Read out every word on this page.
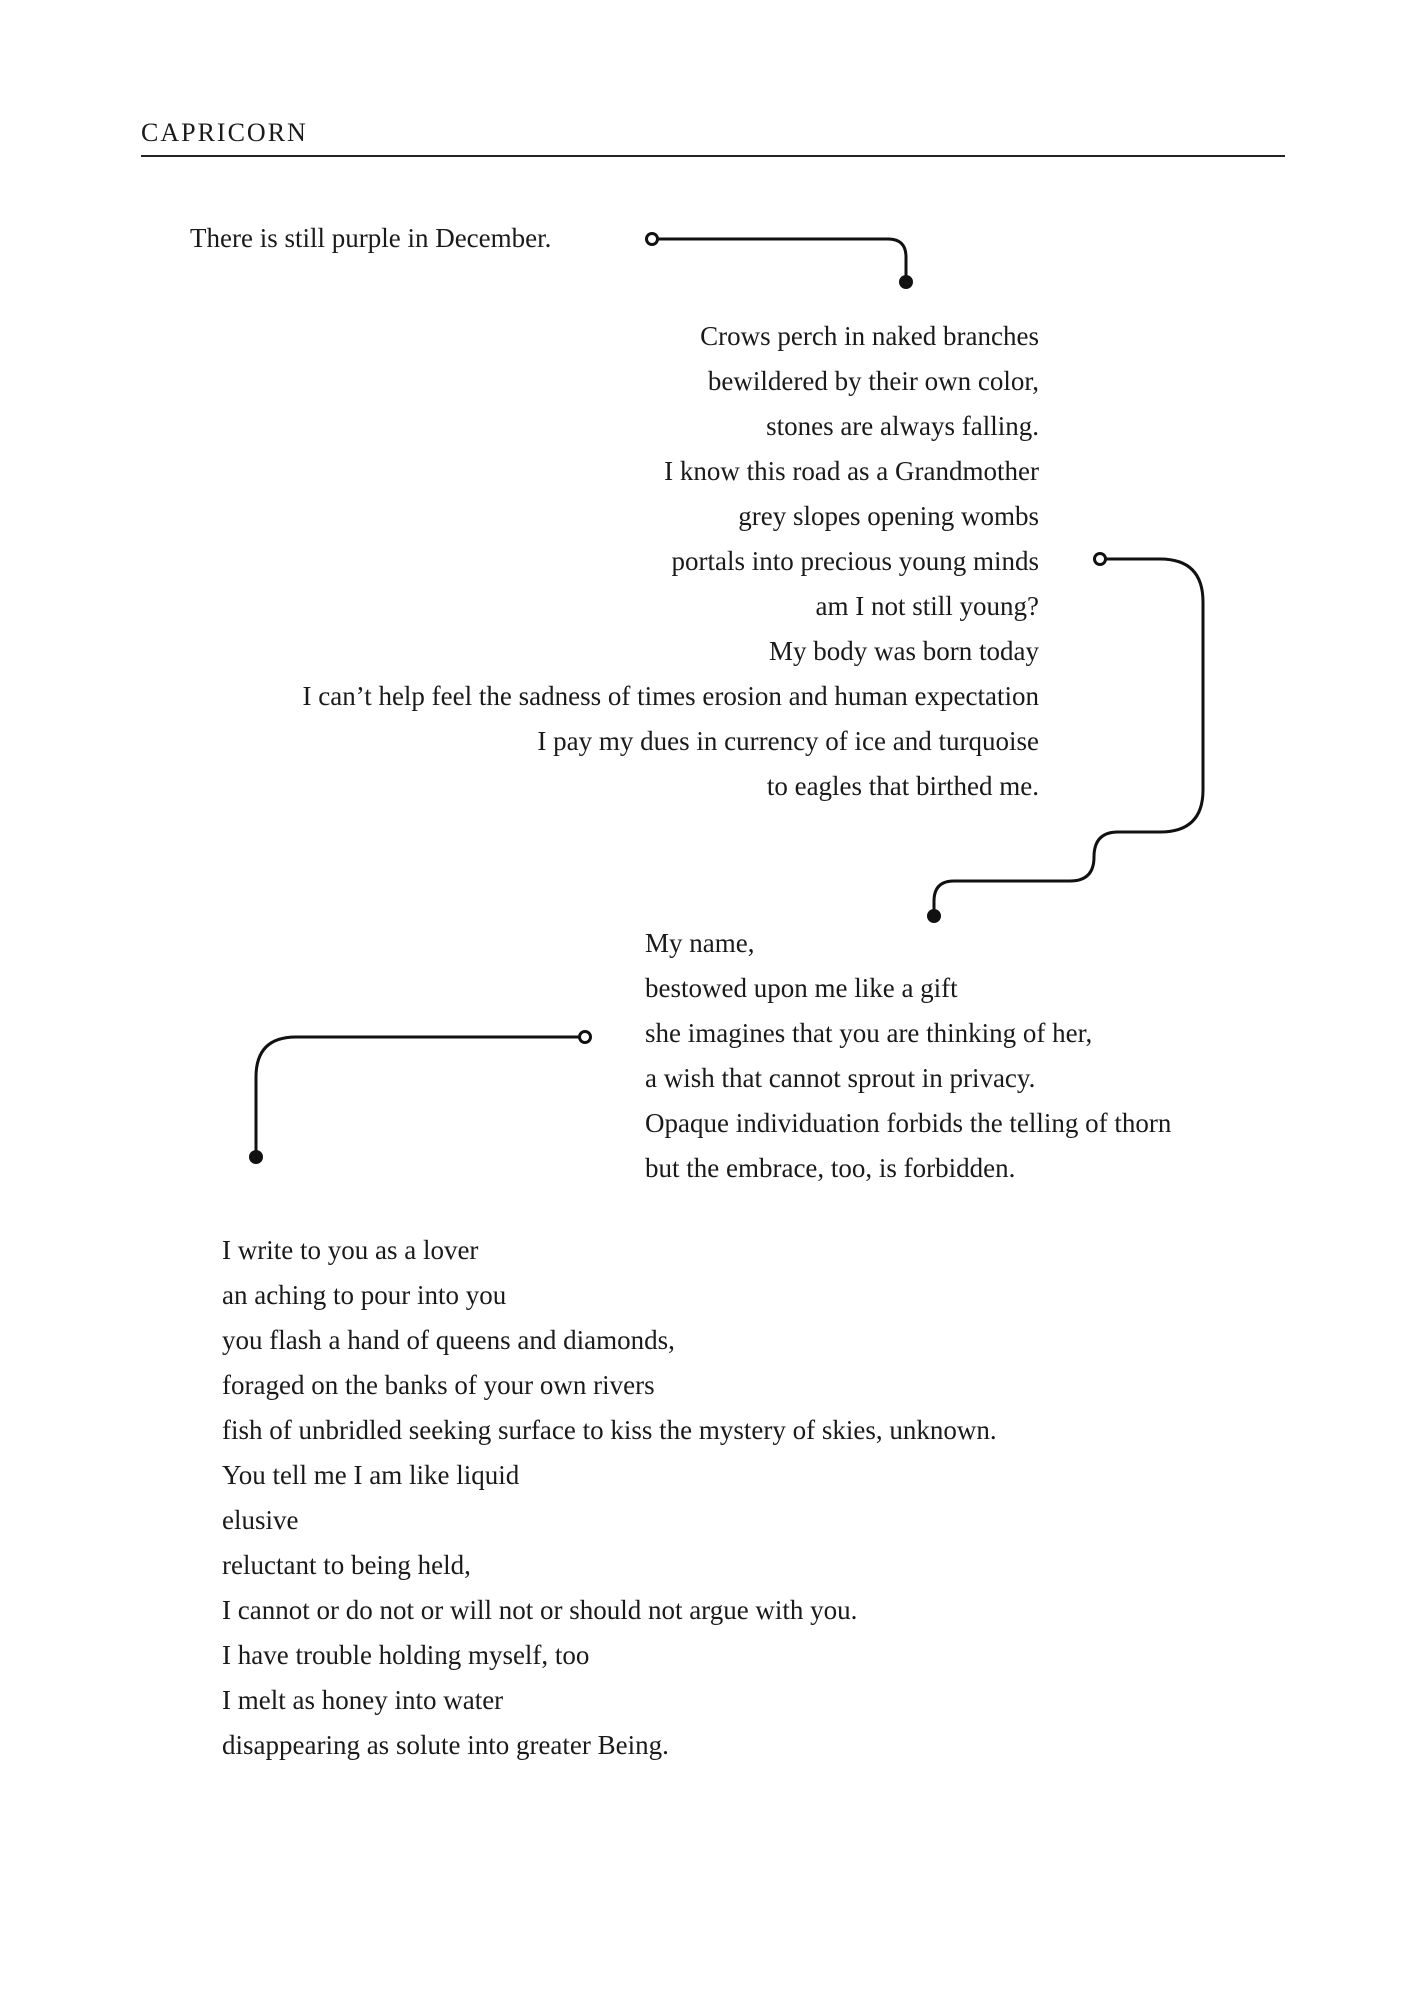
CAPRICORN
There is still purple in December.
Crows perch in naked branches
bewildered by their own color,
stones are always falling.
I know this road as a Grandmother
grey slopes opening wombs
portals into precious young minds
am I not still young?
My body was born today
I can’t help feel the sadness of times erosion and human expectation
I pay my dues in currency of ice and turquoise
to eagles that birthed me.
My name,
bestowed upon me like a gift
she imagines that you are thinking of her,
a wish that cannot sprout in privacy.
Opaque individuation forbids the telling of thorn
but the embrace, too, is forbidden.
I write to you as a lover
an aching to pour into you
you flash a hand of queens and diamonds,
foraged on the banks of your own rivers
fish of unbridled seeking surface to kiss the mystery of skies, unknown.
You tell me I am like liquid
elusive
reluctant to being held,
I cannot or do not or will not or should not argue with you.
I have trouble holding myself, too
I melt as honey into water
disappearing as solute into greater Being.
